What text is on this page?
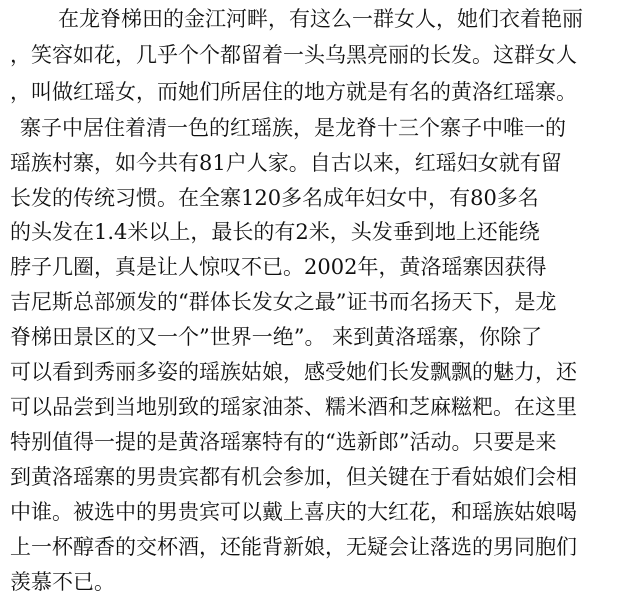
在龙脊梯田的金江河畔，有这么一群女人，她们衣着艳丽
，笑容如花，几乎个个都留着一头乌黑亮丽的长发。这群女人
，叫做红瑶女，而她们所居住的地方就是有名的黄洛红瑶寨。
寨子中居住着清一色的红瑶族，是龙脊十三个寨子中唯一的
瑶族村寨，如今共有81户人家。自古以来，红瑶妇女就有留
长发的传统习惯。在全寨120多名成年妇女中，有80多名
的头发在1.4米以上，最长的有2米，头发垂到地上还能绕
脖子几圈，真是让人惊叹不已。2002年，黄洛瑶寨因获得
吉尼斯总部颁发的“群体长发女之最”证书而名扬天下，是龙
脊梯田景区的又一个”世界一绝”。 来到黄洛瑶寨，你除了
可以看到秀丽多姿的瑶族姑娘，感受她们长发飘飘的魅力，还
可以品尝到当地别致的瑶家油茶、糯米酒和芝麻糍粑。在这里
特别值得一提的是黄洛瑶寨特有的“选新郎”活动。只要是来
到黄洛瑶寨的男贵宾都有机会参加，但关键在于看姑娘们会相
中谁。被选中的男贵宾可以戴上喜庆的大红花，和瑶族姑娘喝
上一杯醇香的交杯酒，还能背新娘，无疑会让落选的男同胞们
羡慕不已。
